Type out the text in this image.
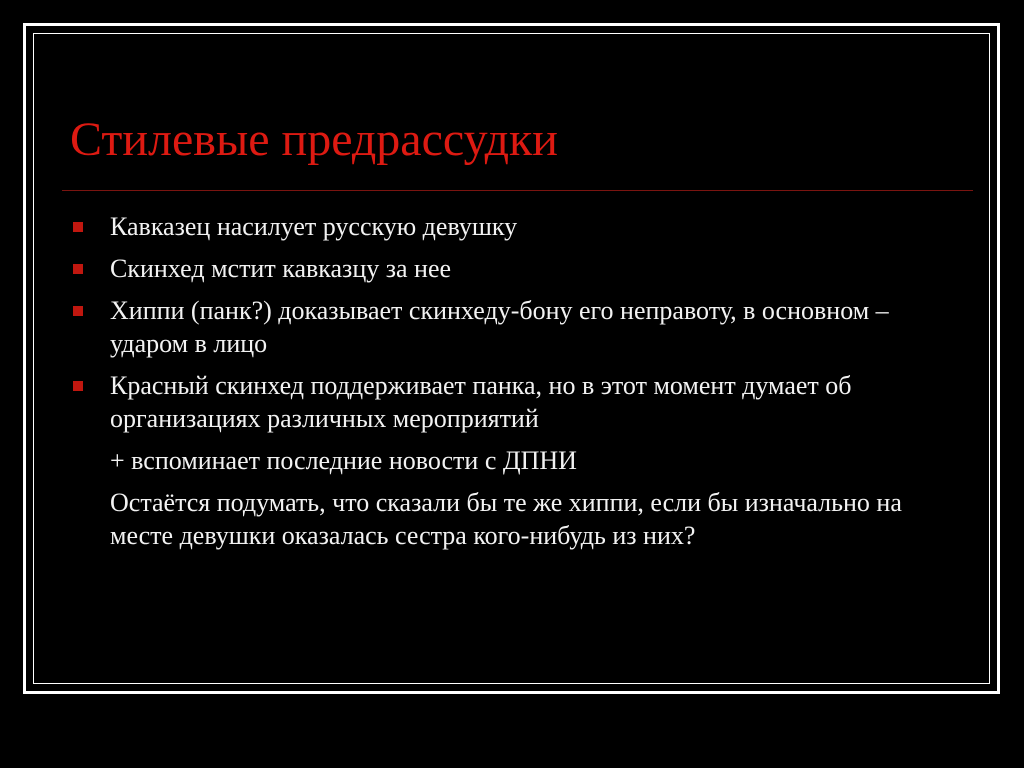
Стилевые предрассудки
Кавказец насилует русскую девушку
Скинхед мстит кавказцу за нее
Хиппи (панк?) доказывает скинхеду-бону его неправоту, в основном – ударом в лицо
Красный скинхед поддерживает панка, но в этот момент думает об организациях различных мероприятий
+ вспоминает последние новости с ДПНИ
Остаётся подумать, что сказали бы те же хиппи, если бы изначально на месте девушки оказалась сестра кого-нибудь из них?
